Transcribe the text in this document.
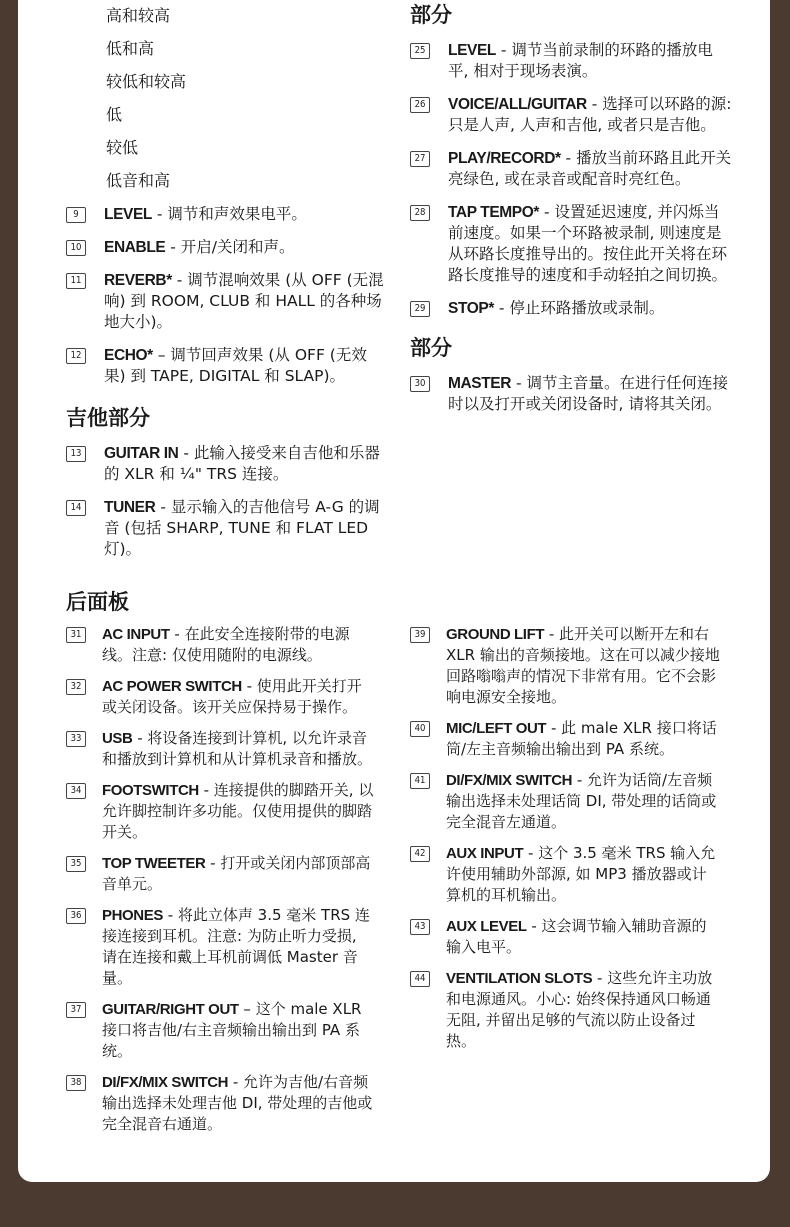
高和较高
低和高
较低和较高
低
较低
低音和高
9	LEVEL - 调节和声效果电平。
10 ENABLE - 开启/关闭和声。
11 REVERB* - 调节混响效果 (从 OFF (无混响) 到 ROOM, CLUB 和 HALL 的各种场地大小)。
12 ECHO* – 调节回声效果 (从 OFF (无效果) 到 TAPE, DIGITAL 和 SLAP)。
吉他部分
13 GUITAR IN - 此输入接受来自吉他和乐器的 XLR 和 ¼" TRS 连接。
14 TUNER - 显示输入的吉他信号 A-G 的调音 (包括 SHARP, TUNE 和 FLAT LED 灯)。
部分
25 LEVEL - 调节当前录制的环路的播放电平, 相对于现场表演。
26 VOICE/ALL/GUITAR - 选择可以环路的源: 只是人声, 人声和吉他, 或者只是吉他。
27 PLAY/RECORD* - 播放当前环路且此开关亮绿色, 或在录音或配音时亮红色。
28 TAP TEMPO* - 设置延迟速度, 并闪烁当前速度。如果一个环路被录制, 则速度是从环路长度推导出的。按住此开关将在环路长度推导的速度和手动轻拍之间切换。
29 STOP* - 停止环路播放或录制。
部分
30 MASTER - 调节主音量。在进行任何连接时以及打开或关闭设备时, 请将其关闭。
后面板
31	AC INPUT - 在此安全连接附带的电源线。注意: 仅使用随附的电源线。
32	AC POWER SWITCH - 使用此开关打开或关闭设备。该开关应保持易于操作。
33	USB - 将设备连接到计算机, 以允许录音和播放到计算机和从计算机录音和播放。
34	FOOTSWITCH - 连接提供的脚踏开关, 以允许脚控制许多功能。仅使用提供的脚踏开关。
35	TOP TWEETER - 打开或关闭内部顶部高音单元。
36	PHONES - 将此立体声 3.5 毫米 TRS 连接连接到耳机。注意: 为防止听力受损, 请在连接和戴上耳机前调低 Master 音量。
37	GUITAR/RIGHT OUT – 这个 male XLR 接口将吉他/右主音频输出输出到 PA 系统。
38	DI/FX/MIX SWITCH - 允许为吉他/右音频输出选择未处理吉他 DI, 带处理的吉他或完全混音右通道。
39	GROUND LIFT - 此开关可以断开左和右 XLR 输出的音频接地。这在可以减少接地回路嗡嗡声的情况下非常有用。它不会影响电源安全接地。
40	MIC/LEFT OUT - 此 male XLR 接口将话筒/左主音频输出输出到 PA 系统。
41	DI/FX/MIX SWITCH - 允许为话筒/左音频输出选择未处理话筒 DI, 带处理的话筒或完全混音左通道。
42	AUX INPUT - 这个 3.5 毫米 TRS 输入允许使用辅助外部源, 如 MP3 播放器或计算机的耳机输出。
43	AUX LEVEL - 这会调节输入辅助音源的输入电平。
44	VENTILATION SLOTS - 这些允许主功放和电源通风。小心: 始终保持通风口畅通无阻, 并留出足够的气流以防止设备过热。
